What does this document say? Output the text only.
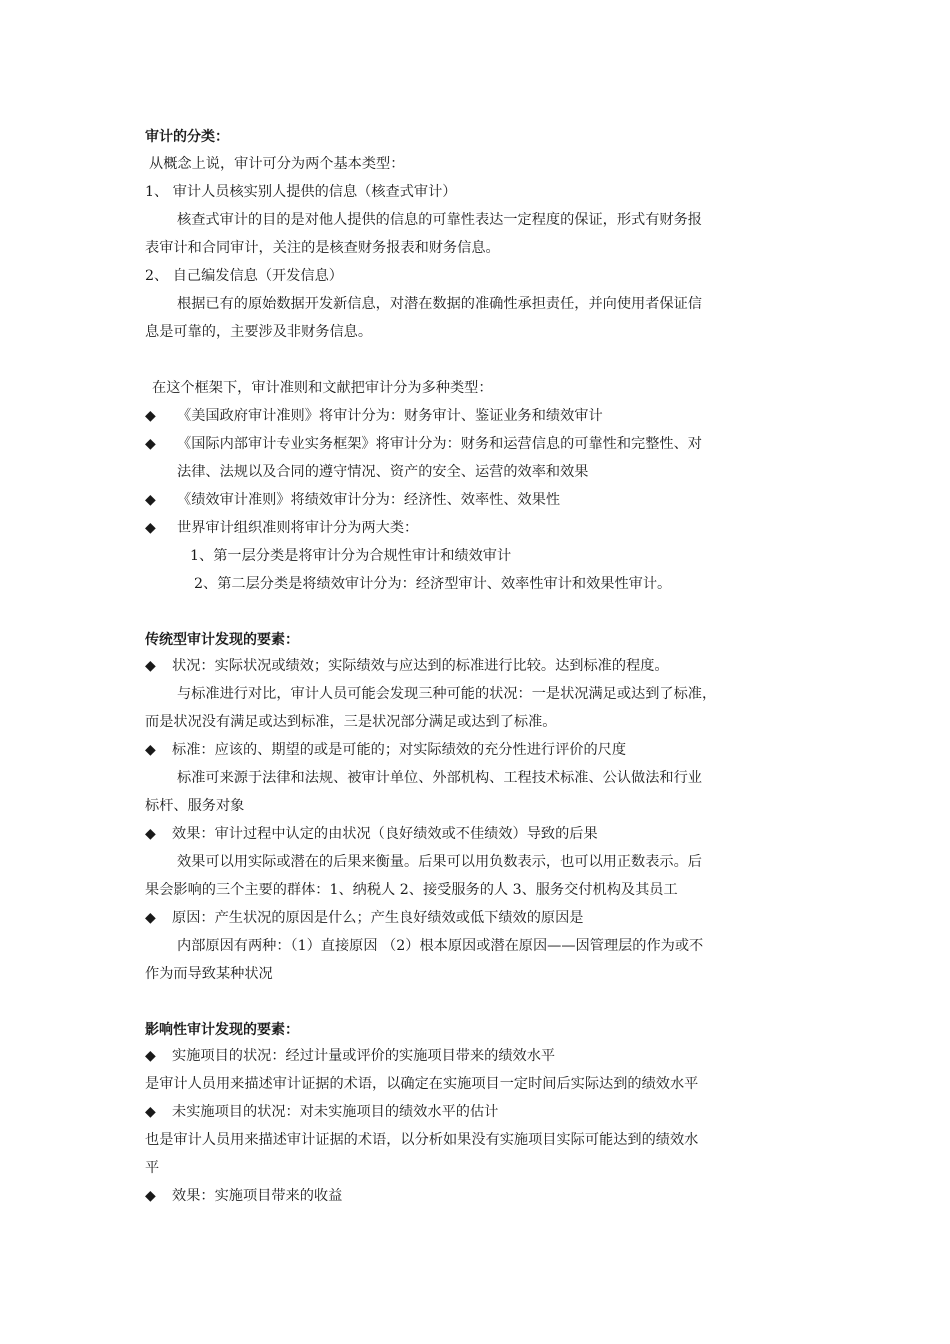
审计的分类：
从概念上说，审计可分为两个基本类型：
1、 审计人员核实别人提供的信息（核查式审计）
核查式审计的目的是对他人提供的信息的可靠性表达一定程度的保证，形式有财务报
表审计和合同审计，关注的是核查财务报表和财务信息。
2、 自己编发信息（开发信息）
根据已有的原始数据开发新信息，对潜在数据的准确性承担责任，并向使用者保证信
息是可靠的，主要涉及非财务信息。
在这个框架下，审计准则和文献把审计分为多种类型：
◆ 《美国政府审计准则》将审计分为：财务审计、鉴证业务和绩效审计
◆ 《国际内部审计专业实务框架》将审计分为：财务和运营信息的可靠性和完整性、对
法律、法规以及合同的遵守情况、资产的安全、运营的效率和效果
◆ 《绩效审计准则》将绩效审计分为：经济性、效率性、效果性
◆ 世界审计组织准则将审计分为两大类：
1、第一层分类是将审计分为合规性审计和绩效审计
2、第二层分类是将绩效审计分为：经济型审计、效率性审计和效果性审计。
传统型审计发现的要素：
◆ 状况：实际状况或绩效；实际绩效与应达到的标准进行比较。达到标准的程度。
与标准进行对比，审计人员可能会发现三种可能的状况：一是状况满足或达到了标准，
而是状况没有满足或达到标准，三是状况部分满足或达到了标准。
◆ 标准：应该的、期望的或是可能的；对实际绩效的充分性进行评价的尺度
标准可来源于法律和法规、被审计单位、外部机构、工程技术标准、公认做法和行业
标杆、服务对象
◆ 效果：审计过程中认定的由状况（良好绩效或不佳绩效）导致的后果
效果可以用实际或潜在的后果来衡量。后果可以用负数表示，也可以用正数表示。后
果会影响的三个主要的群体：1、纳税人 2、接受服务的人 3、服务交付机构及其员工
◆ 原因：产生状况的原因是什么；产生良好绩效或低下绩效的原因是
内部原因有两种：（1）直接原因 （2）根本原因或潜在原因——因管理层的作为或不
作为而导致某种状况
影响性审计发现的要素：
◆ 实施项目的状况：经过计量或评价的实施项目带来的绩效水平
是审计人员用来描述审计证据的术语，以确定在实施项目一定时间后实际达到的绩效水平
◆ 未实施项目的状况：对未实施项目的绩效水平的估计
也是审计人员用来描述审计证据的术语，以分析如果没有实施项目实际可能达到的绩效水
平
◆ 效果：实施项目带来的收益
